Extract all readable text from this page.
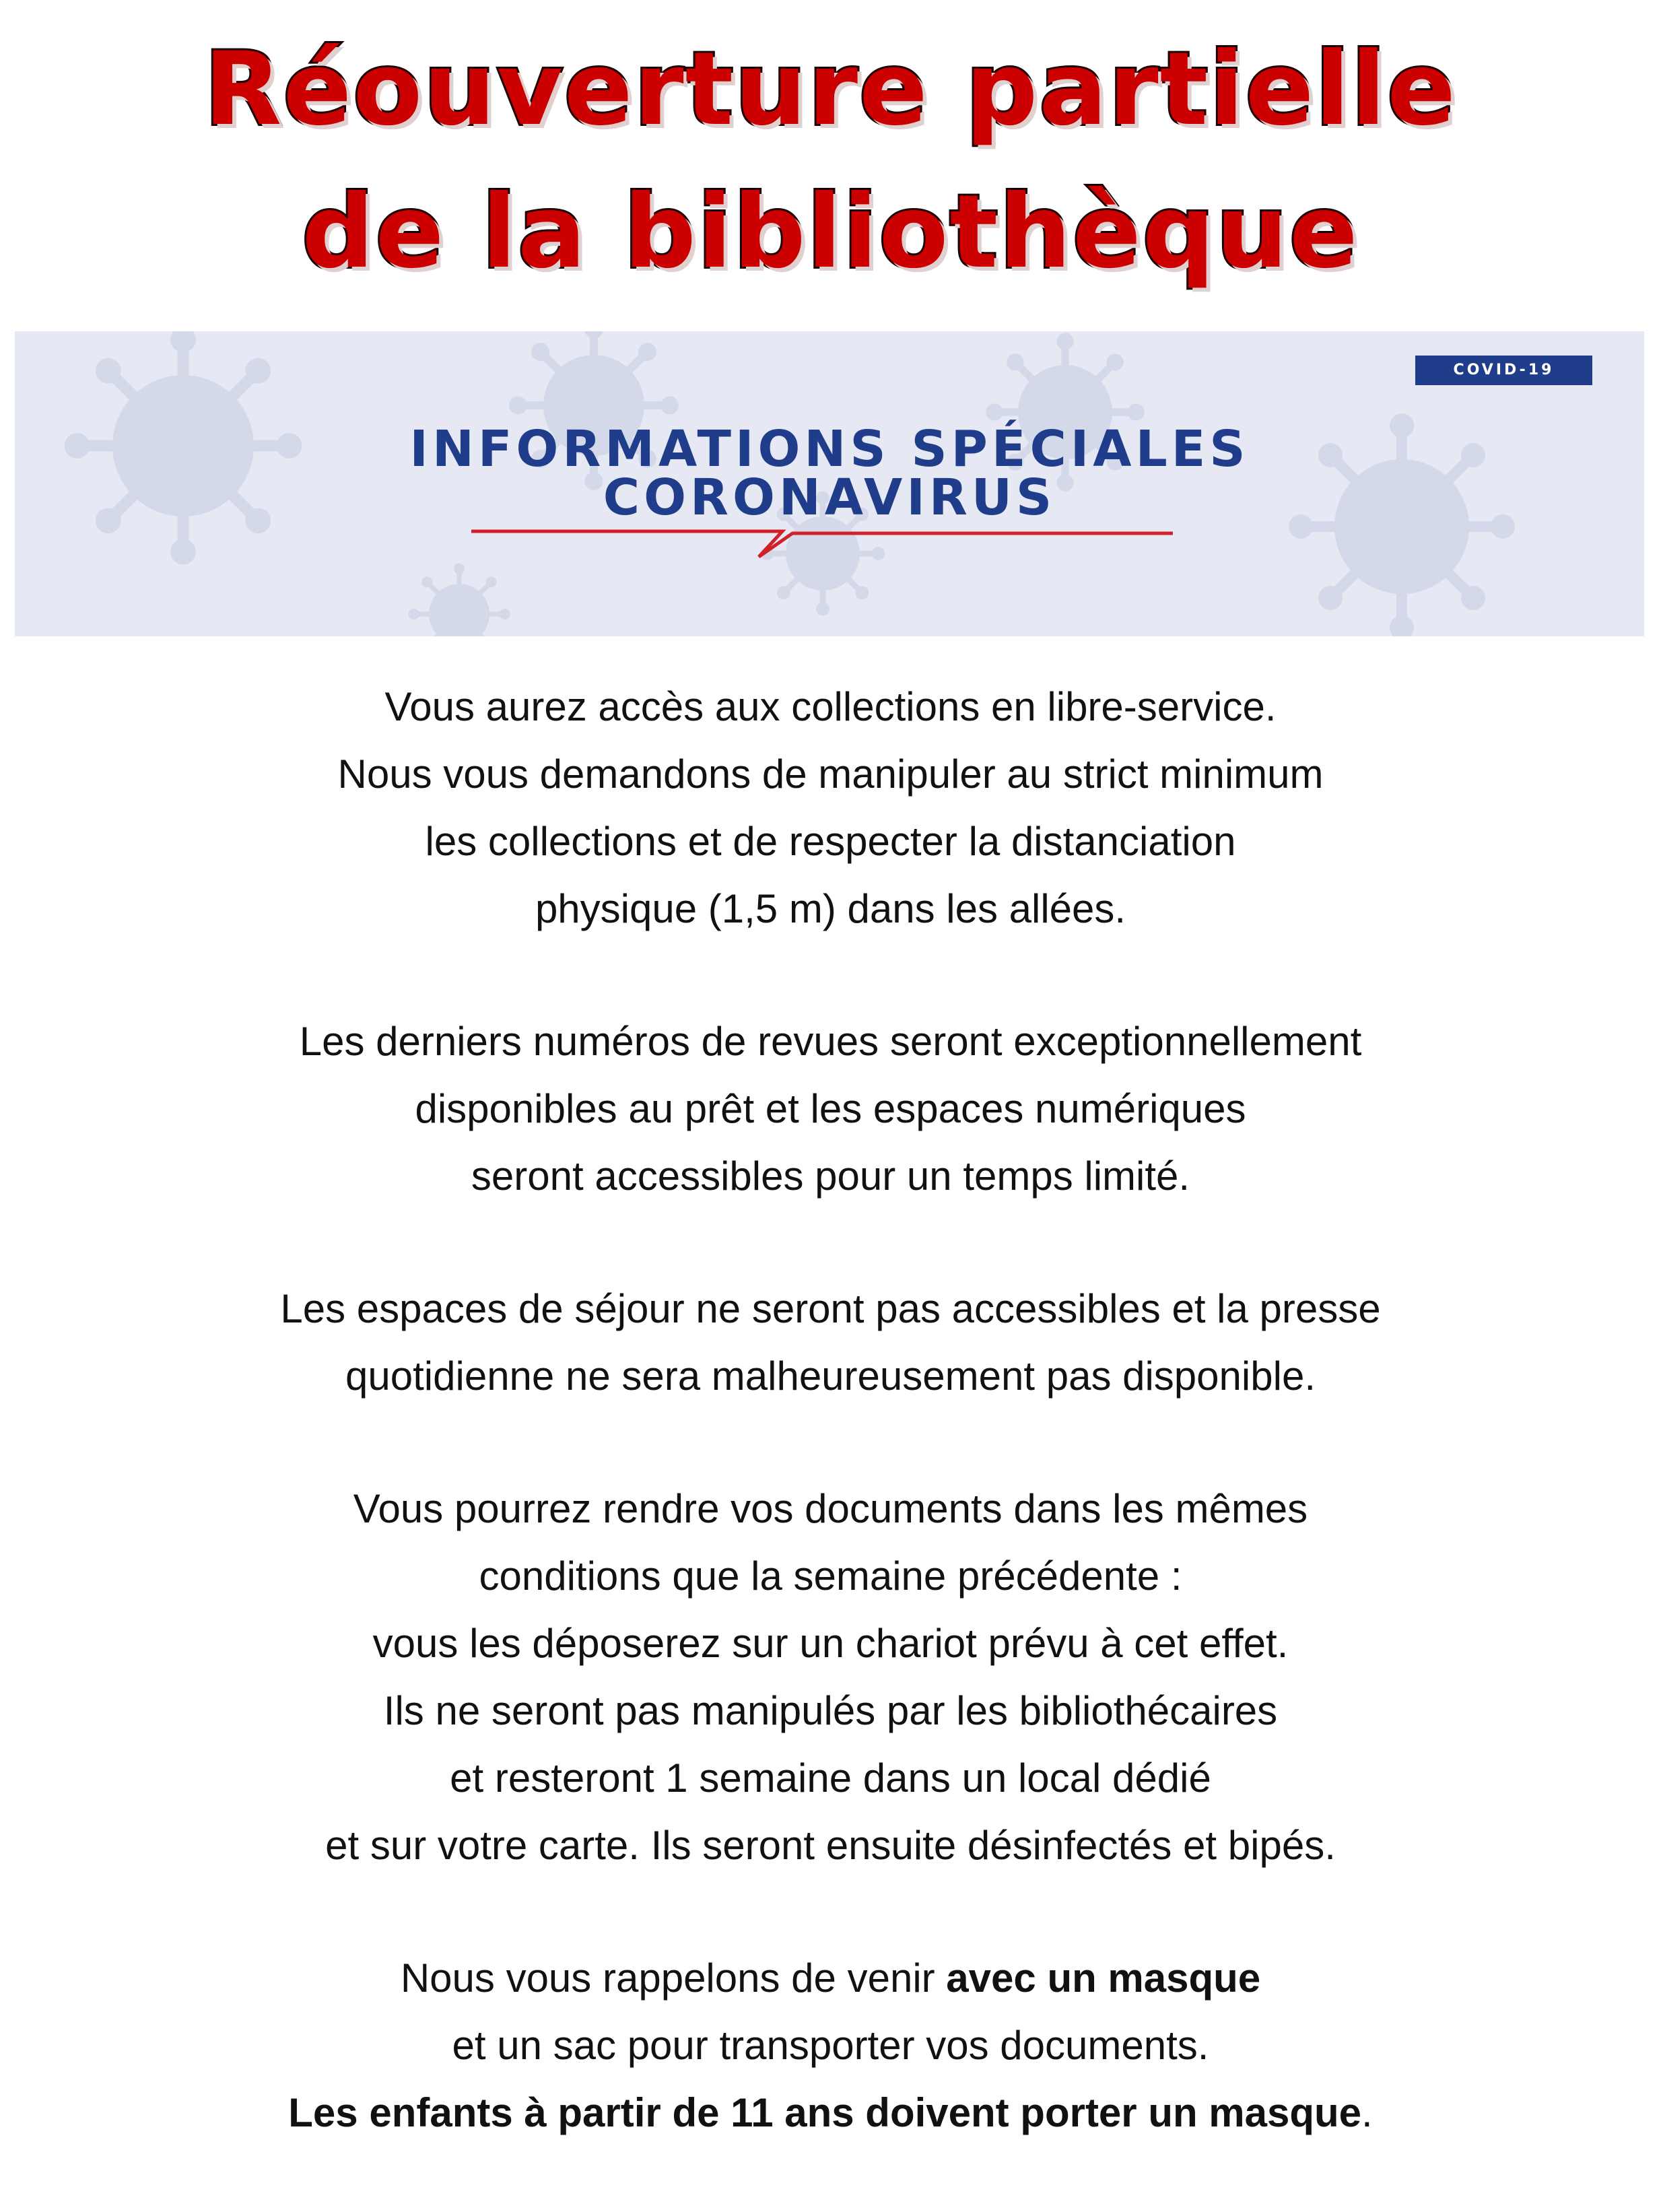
Réouverture partielle
de la bibliothèque
COVID-19
INFORMATIONS SPÉCIALES
CORONAVIRUS
Vous aurez accès aux collections en libre-service.
Nous vous demandons de manipuler au strict minimum
les collections et de respecter la distanciation
physique (1,5 m) dans les allées.
Les derniers numéros de revues seront exceptionnellement
disponibles au prêt et les espaces numériques
seront accessibles pour un temps limité.
Les espaces de séjour ne seront pas accessibles et la presse
quotidienne ne sera malheureusement pas disponible.
Vous pourrez rendre vos documents dans les mêmes
conditions que la semaine précédente :
vous les déposerez sur un chariot prévu à cet effet.
Ils ne seront pas manipulés par les bibliothécaires
et resteront 1 semaine dans un local dédié
et sur votre carte. Ils seront ensuite désinfectés et bipés.
Nous vous rappelons de venir avec un masque
et un sac pour transporter vos documents.
Les enfants à partir de 11 ans doivent porter un masque.
